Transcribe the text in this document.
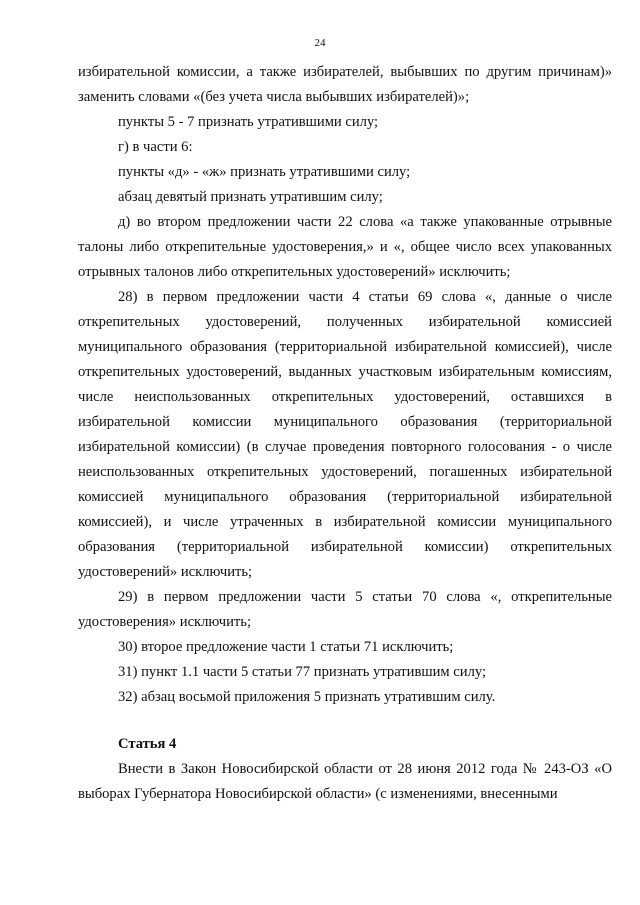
24

избирательной комиссии, а также избирателей, выбывших по другим причинам)» заменить словами «(без учета числа выбывших избирателей)»;

пункты 5 - 7 признать утратившими силу;

г) в части 6:

пункты «д» - «ж» признать утратившими силу;

абзац девятый признать утратившим силу;

д) во втором предложении части 22 слова «а также упакованные отрывные талоны либо открепительные удостоверения,» и «, общее число всех упакованных отрывных талонов либо открепительных удостоверений» исключить;

28) в первом предложении части 4 статьи 69 слова «, данные о числе открепительных удостоверений, полученных избирательной комиссией муниципального образования (территориальной избирательной комиссией), числе открепительных удостоверений, выданных участковым избирательным комиссиям, числе неиспользованных открепительных удостоверений, оставшихся в избирательной комиссии муниципального образования (территориальной избирательной комиссии) (в случае проведения повторного голосования - о числе неиспользованных открепительных удостоверений, погашенных избирательной комиссией муниципального образования (территориальной избирательной комиссией), и числе утраченных в избирательной комиссии муниципального образования (территориальной избирательной комиссии) открепительных удостоверений» исключить;

29) в первом предложении части 5 статьи 70 слова «, открепительные удостоверения» исключить;

30) второе предложение части 1 статьи 71 исключить;

31) пункт 1.1 части 5 статьи 77 признать утратившим силу;

32) абзац восьмой приложения 5 признать утратившим силу.

Статья 4

Внести в Закон Новосибирской области от 28 июня 2012 года № 243-ОЗ «О выборах Губернатора Новосибирской области» (с изменениями, внесенными
